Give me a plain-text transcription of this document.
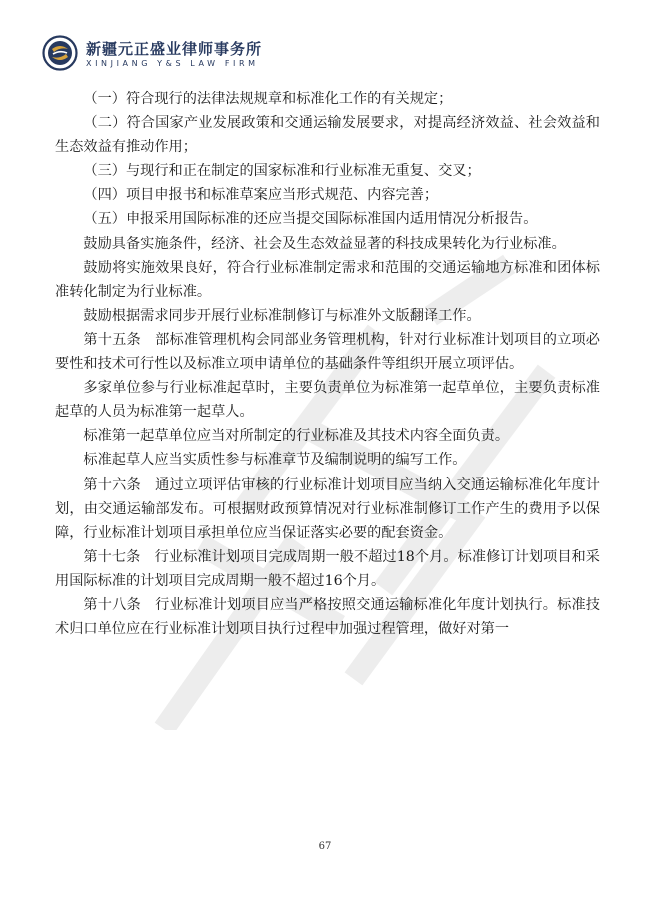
新疆元正盛业律师事务所
XINJIANG Y&S LAW FIRM

（一）符合现行的法律法规规章和标准化工作的有关规定；

（二）符合国家产业发展政策和交通运输发展要求，对提高经济效益、社会效益和生态效益有推动作用；

（三）与现行和正在制定的国家标准和行业标准无重复、交叉；

（四）项目申报书和标准草案应当形式规范、内容完善；

（五）申报采用国际标准的还应当提交国际标准国内适用情况分析报告。

鼓励具备实施条件，经济、社会及生态效益显著的科技成果转化为行业标准。

鼓励将实施效果良好，符合行业标准制定需求和范围的交通运输地方标准和团体标准转化制定为行业标准。

鼓励根据需求同步开展行业标准制修订与标准外文版翻译工作。

第十五条　部标准管理机构会同部业务管理机构，针对行业标准计划项目的立项必要性和技术可行性以及标准立项申请单位的基础条件等组织开展立项评估。

多家单位参与行业标准起草时，主要负责单位为标准第一起草单位，主要负责标准起草的人员为标准第一起草人。

标准第一起草单位应当对所制定的行业标准及其技术内容全面负责。

标准起草人应当实质性参与标准章节及编制说明的编写工作。

第十六条　通过立项评估审核的行业标准计划项目应当纳入交通运输标准化年度计划，由交通运输部发布。可根据财政预算情况对行业标准制修订工作产生的费用予以保障，行业标准计划项目承担单位应当保证落实必要的配套资金。

第十七条　行业标准计划项目完成周期一般不超过18个月。标准修订计划项目和采用国际标准的计划项目完成周期一般不超过16个月。

第十八条　行业标准计划项目应当严格按照交通运输标准化年度计划执行。标准技术归口单位应在行业标准计划项目执行过程中加强过程管理，做好对第一

67
